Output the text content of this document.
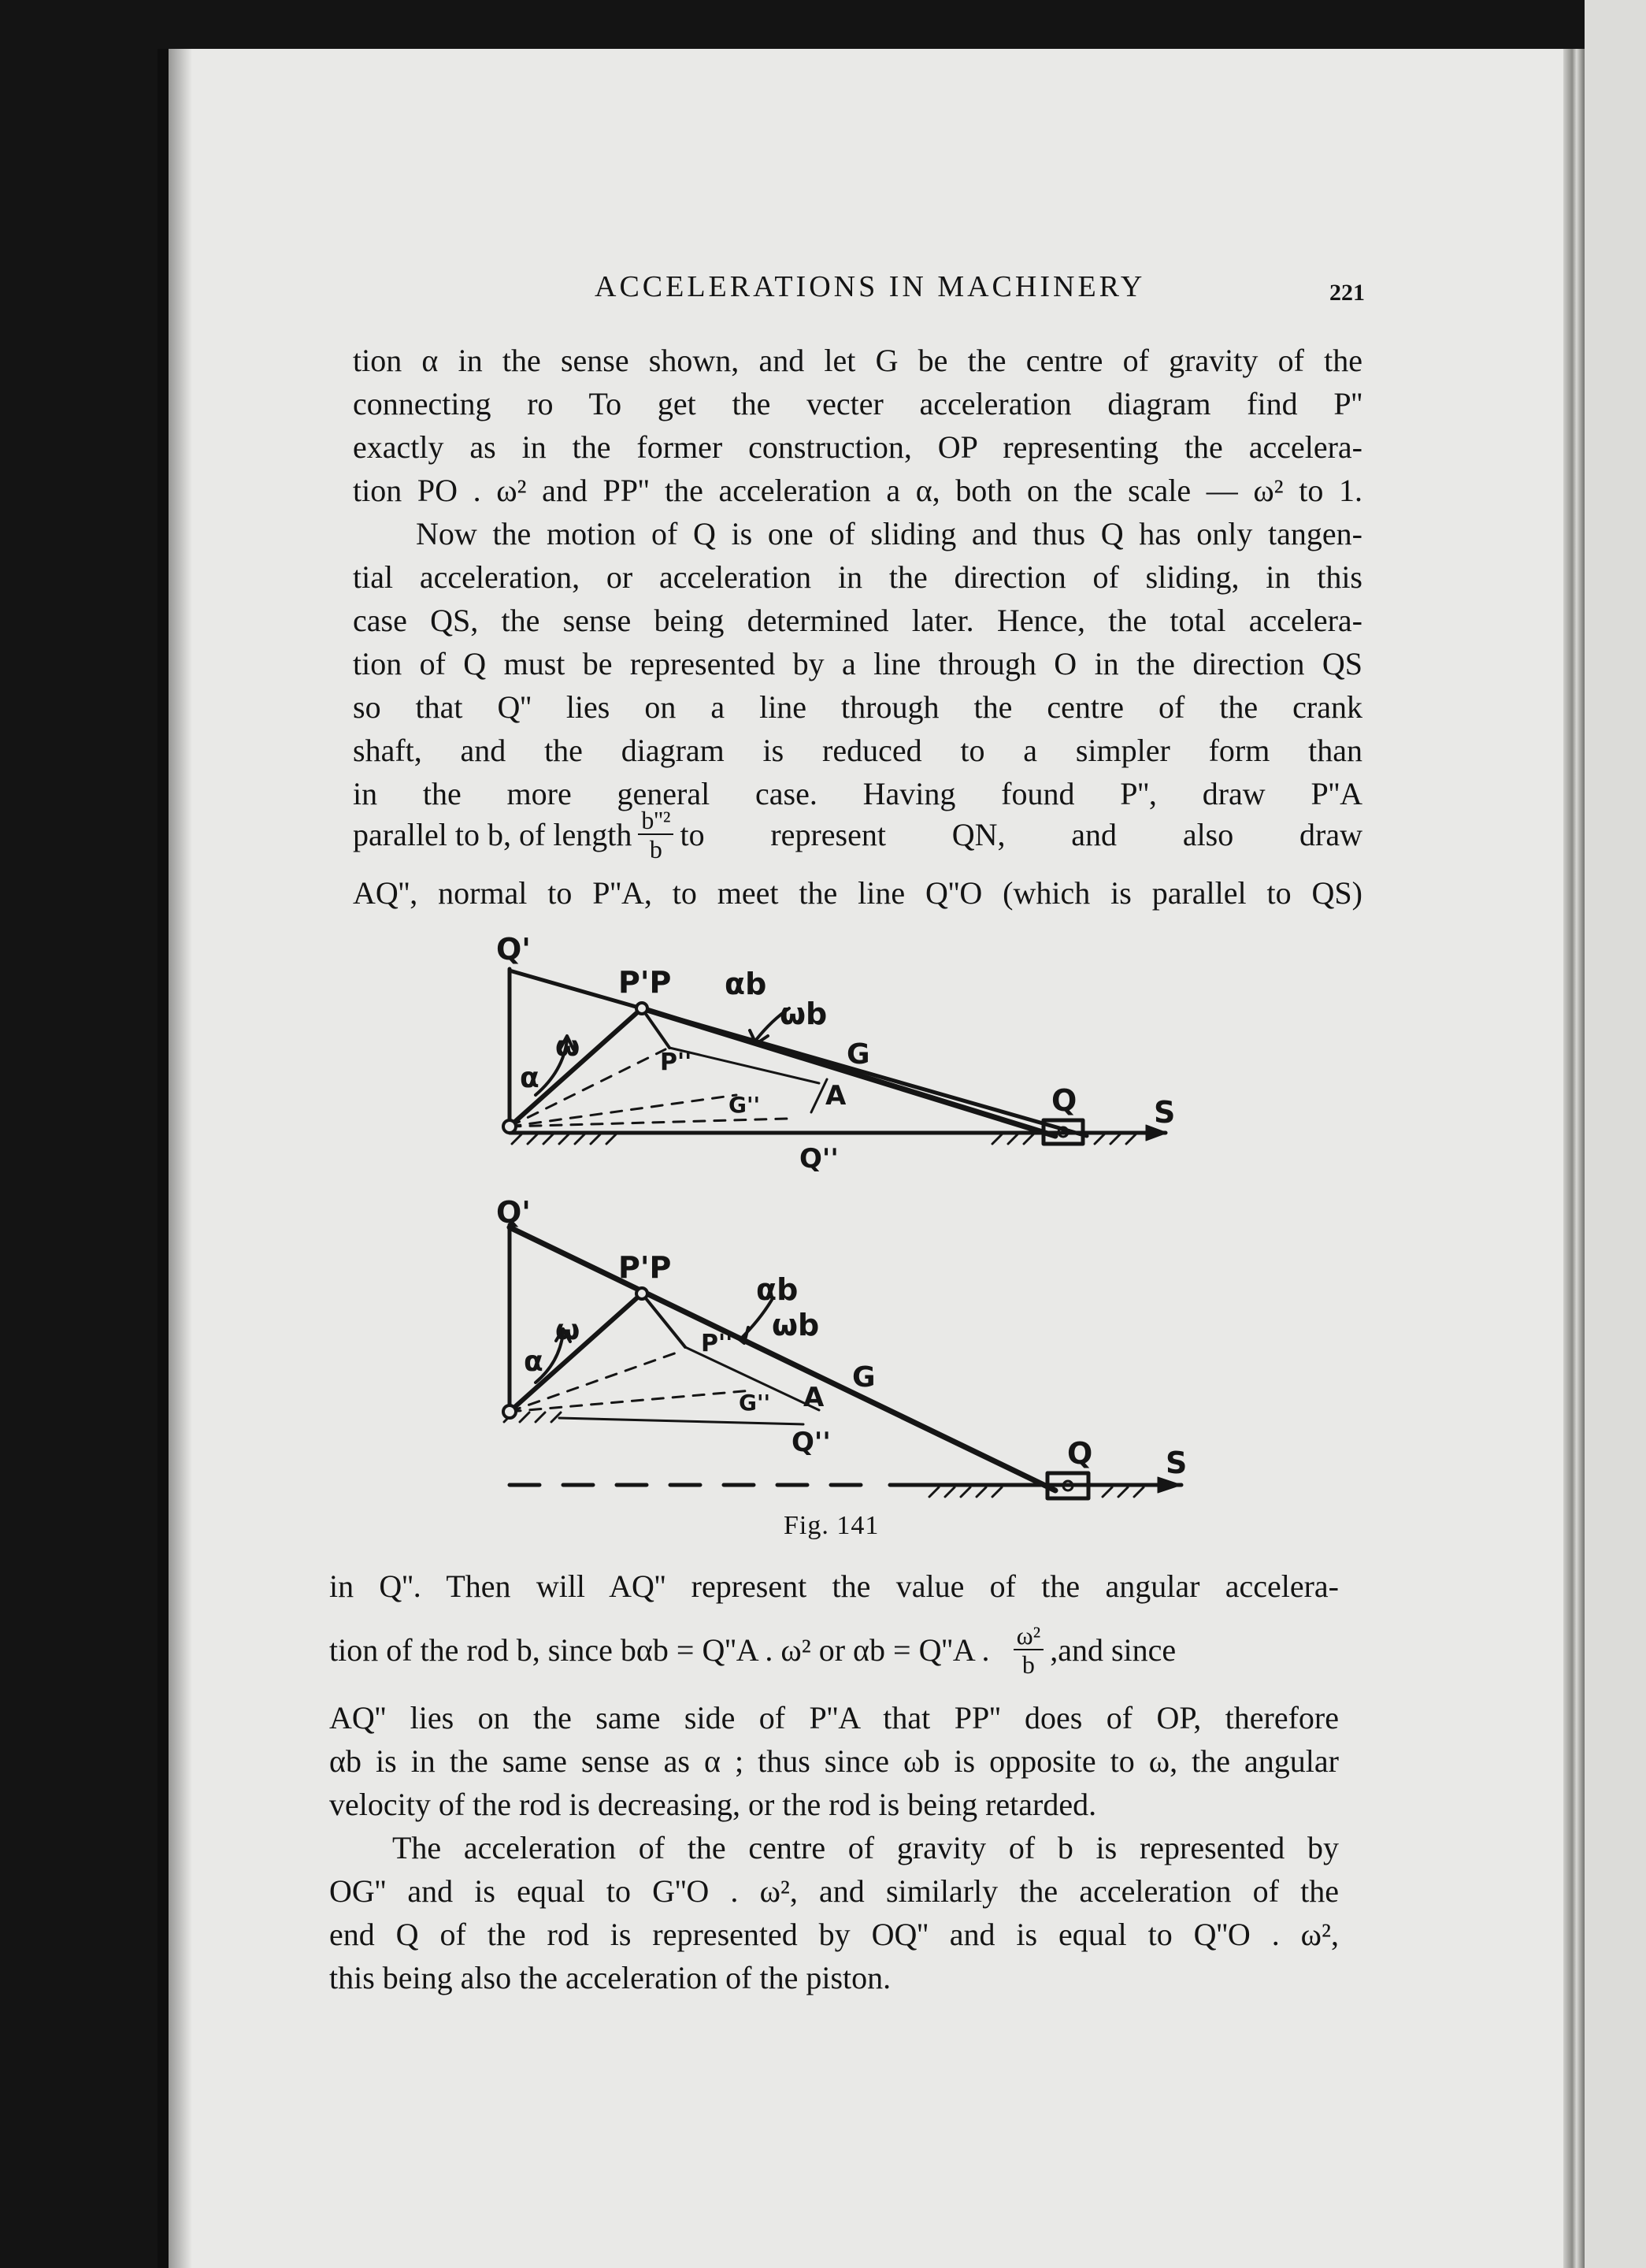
ACCELERATIONS IN MACHINERY	221
tion α in the sense shown, and let G be the centre of gravity of the
connecting ro To get the vecter acceleration diagram find P''
exactly as in the former construction, OP representing the accelera-
tion PO . ω² and PP'' the acceleration a α, both on the scale — ω² to 1.
Now the motion of Q is one of sliding and thus Q has only tangen-
tial acceleration, or acceleration in the direction of sliding, in this
case QS, the sense being determined later. Hence, the total accelera-
tion of Q must be represented by a line through O in the direction QS
so that Q'' lies on a line through the centre of the crank
shaft, and the diagram is reduced to a simpler form than
in the more general case. Having found P'', draw P''A
parallel to b, of length $\frac{\text{b''²}}{b}$ to represent QN, and also draw
AQ'', normal to P''A, to meet the line Q''O (which is parallel to QS)
Q'
P'P αb
ωb
α
ω	P''	G
G'' A	Q	S
Q''
Q'
P'P
αb
ωb
α
ω	P''
G
G'' A
Q''	Q S
Fig. 141
in Q''. Then will AQ'' represent the value of the angular accelera-
tion of the rod b, since bαb = Q''A . ω² or αb = Q''A . $\frac{\text{ω²}}{b} ,and$ since
AQ'' lies on the same side of P''A that PP'' does of OP, therefore
αb is in the same sense as α ; thus since ωb is opposite to ω, the angular
velocity of the rod is decreasing, or the rod is being retarded.
The acceleration of the centre of gravity of b is represented by
OG'' and is equal to G''O . ω², and similarly the acceleration of the
end Q of the rod is represented by OQ'' and is equal to Q''O . ω²,
this being also the acceleration of the piston.
